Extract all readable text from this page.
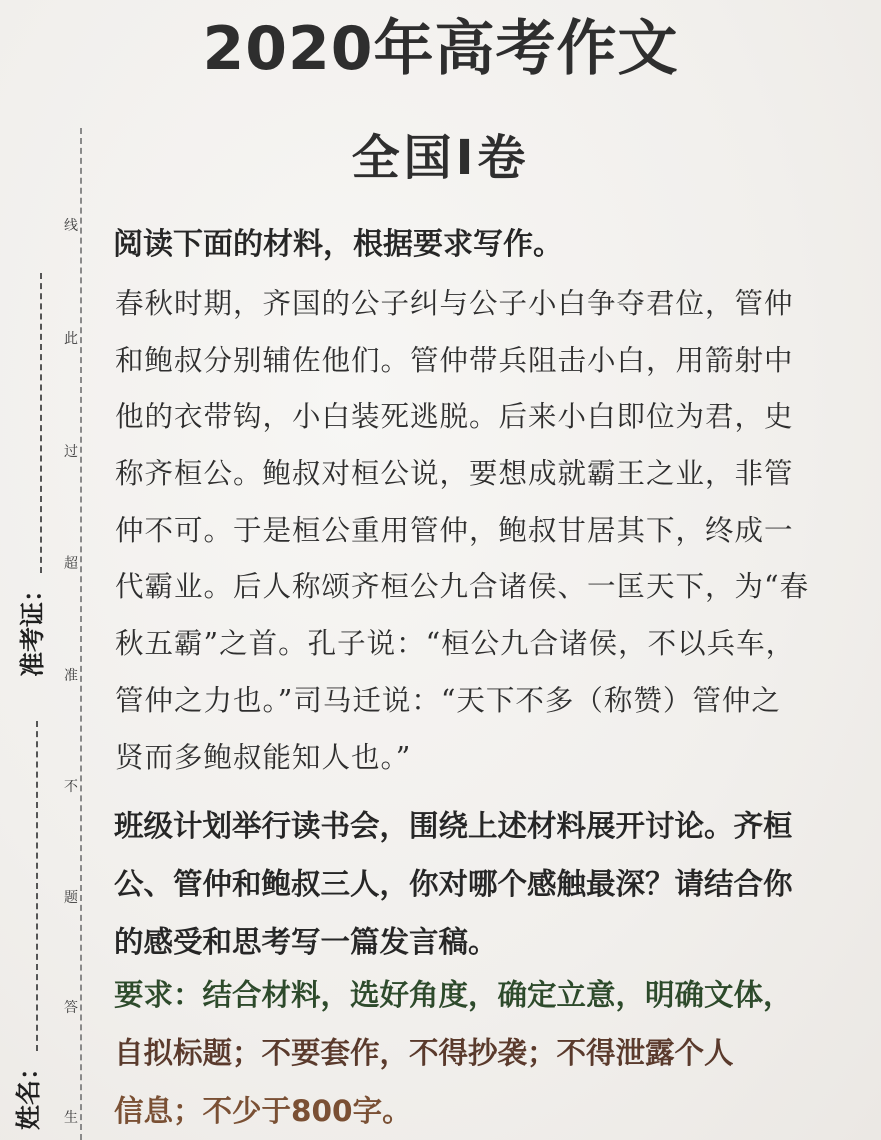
2020年高考作文
全国Ⅰ卷
线
此
过
超
准
不
题
答
生
准考证：
姓名：
阅读下面的材料，根据要求写作。
春秋时期，齐国的公子纠与公子小白争夺君位，管仲
和鲍叔分别辅佐他们。管仲带兵阻击小白，用箭射中
他的衣带钩，小白装死逃脱。后来小白即位为君，史
称齐桓公。鲍叔对桓公说，要想成就霸王之业，非管
仲不可。于是桓公重用管仲，鲍叔甘居其下，终成一
代霸业。后人称颂齐桓公九合诸侯、一匡天下，为“春
秋五霸”之首。孔子说：“桓公九合诸侯，不以兵车，
管仲之力也。”司马迁说：“天下不多（称赞）管仲之
贤而多鲍叔能知人也。”
班级计划举行读书会，围绕上述材料展开讨论。齐桓
公、管仲和鲍叔三人，你对哪个感触最深？请结合你
的感受和思考写一篇发言稿。
要求：结合材料，选好角度，确定立意，明确文体，
自拟标题；不要套作，不得抄袭；不得泄露个人
信息；不少于800字。
